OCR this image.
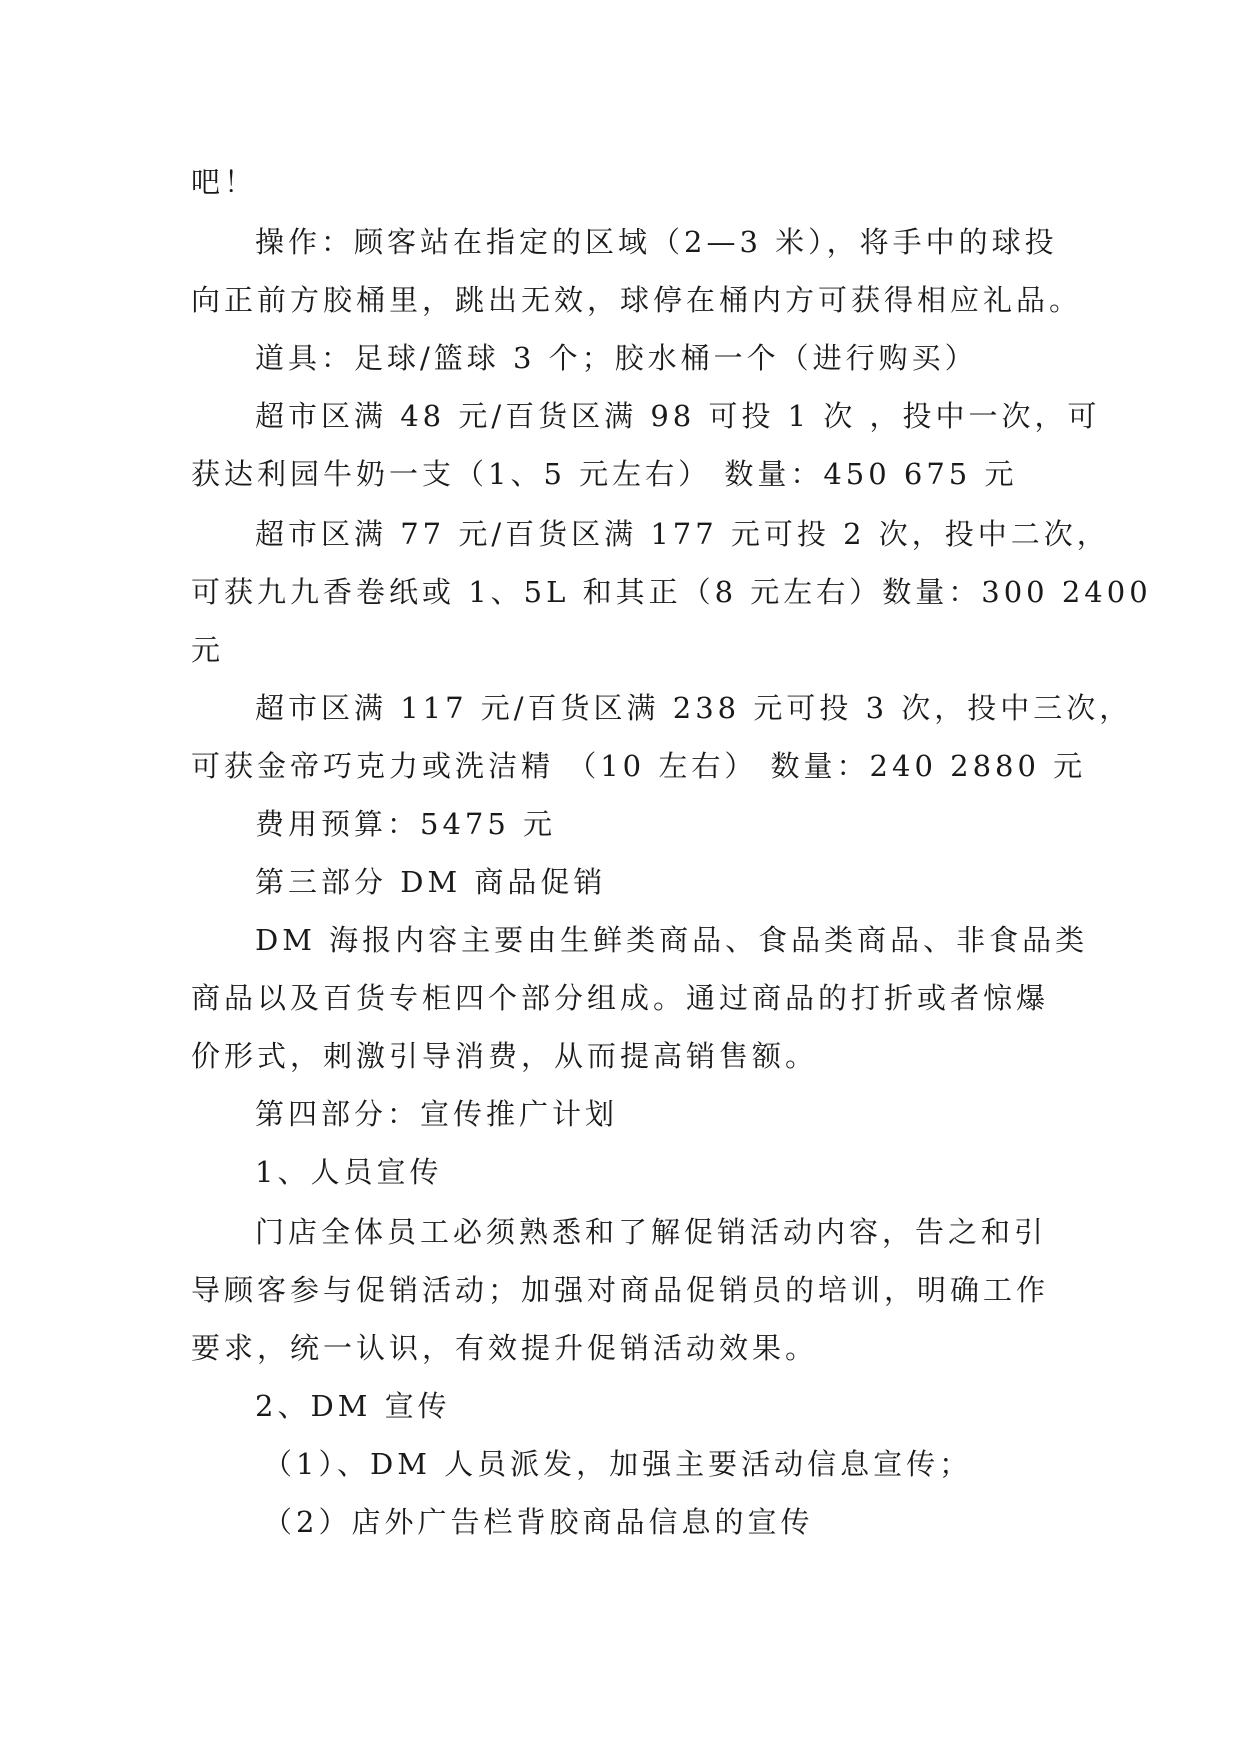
吧！
操作：顾客站在指定的区域（2—3 米），将手中的球投
向正前方胶桶里，跳出无效，球停在桶内方可获得相应礼品。
道具：足球/篮球 3 个；胶水桶一个（进行购买）
超市区满 48 元/百货区满 98 可投 1 次 ，投中一次，可
获达利园牛奶一支（1、5 元左右） 数量：450 675 元
超市区满 77 元/百货区满 177 元可投 2 次，投中二次，
可获九九香卷纸或 1、5L 和其正（8 元左右）数量：300 2400
元
超市区满 117 元/百货区满 238 元可投 3 次，投中三次，
可获金帝巧克力或洗洁精 （10 左右） 数量：240 2880 元
费用预算：5475 元
第三部分 DM 商品促销
DM 海报内容主要由生鲜类商品、食品类商品、非食品类
商品以及百货专柜四个部分组成。通过商品的打折或者惊爆
价形式，刺激引导消费，从而提高销售额。
第四部分：宣传推广计划
1、人员宣传
门店全体员工必须熟悉和了解促销活动内容，告之和引
导顾客参与促销活动；加强对商品促销员的培训，明确工作
要求，统一认识，有效提升促销活动效果。
2、DM 宣传
（1）、DM 人员派发，加强主要活动信息宣传；
（2）店外广告栏背胶商品信息的宣传
